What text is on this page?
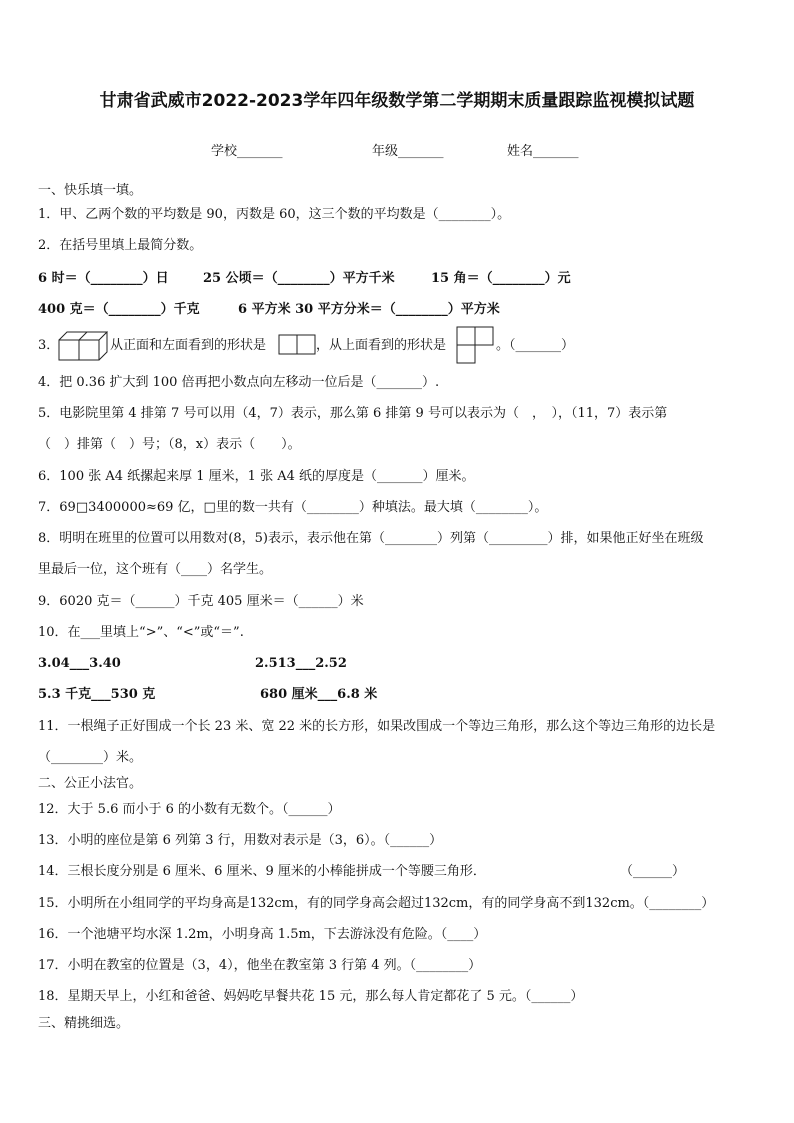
甘肃省武威市2022-2023学年四年级数学第二学期期末质量跟踪监视模拟试题
学校_______	年级_______	姓名_______
一、快乐填一填。
1．甲、乙两个数的平均数是 90，丙数是 60，这三个数的平均数是（________）。
2．在括号里填上最简分数。
6 时＝（________）日	25 公顷＝（________）平方千米	15 角＝（________）元
400 克＝（________）千克	6 平方米 30 平方分米＝（________）平方米
3．	从正面和左面看到的形状是	，从上面看到的形状是	。（_______）
4．把 0.36 扩大到 100 倍再把小数点向左移动一位后是（_______）.
5．电影院里第 4 排第 7 号可以用（4，7）表示，那么第 6 排第 9 号可以表示为（　，　），（11，7）表示第
（　）排第（　）号；（8，x）表示（　　）。
6．100 张 A4 纸摞起来厚 1 厘米，1 张 A4 纸的厚度是（_______）厘米。
7．69□3400000≈69 亿，□里的数一共有（________）种填法。最大填（________）。
8．明明在班里的位置可以用数对(8，5)表示，表示他在第（________）列第（_________）排，如果他正好坐在班级
里最后一位，这个班有（____）名学生。
9．6020 克＝（______）千克 405 厘米＝（______）米
10．在___里填上“>”、“<”或“＝”.
3.04___3.40	2.513___2.52
5.3 千克___530 克	680 厘米___6.8 米
11．一根绳子正好围成一个长 23 米、宽 22 米的长方形，如果改围成一个等边三角形，那么这个等边三角形的边长是
（________）米。
二、公正小法官。
12．大于 5.6 而小于 6 的小数有无数个。（______）
13．小明的座位是第 6 列第 3 行，用数对表示是（3，6）。（______）
14．三根长度分别是 6 厘米、6 厘米、9 厘米的小棒能拼成一个等腰三角形．	（______）
15．小明所在小组同学的平均身高是132cm，有的同学身高会超过132cm，有的同学身高不到132cm。（________）
16．一个池塘平均水深 1.2m，小明身高 1.5m，下去游泳没有危险。（____）
17．小明在教室的位置是（3，4），他坐在教室第 3 行第 4 列。（________）
18．星期天早上，小红和爸爸、妈妈吃早餐共花 15 元，那么每人肯定都花了 5 元。（______）
三、精挑细选。
